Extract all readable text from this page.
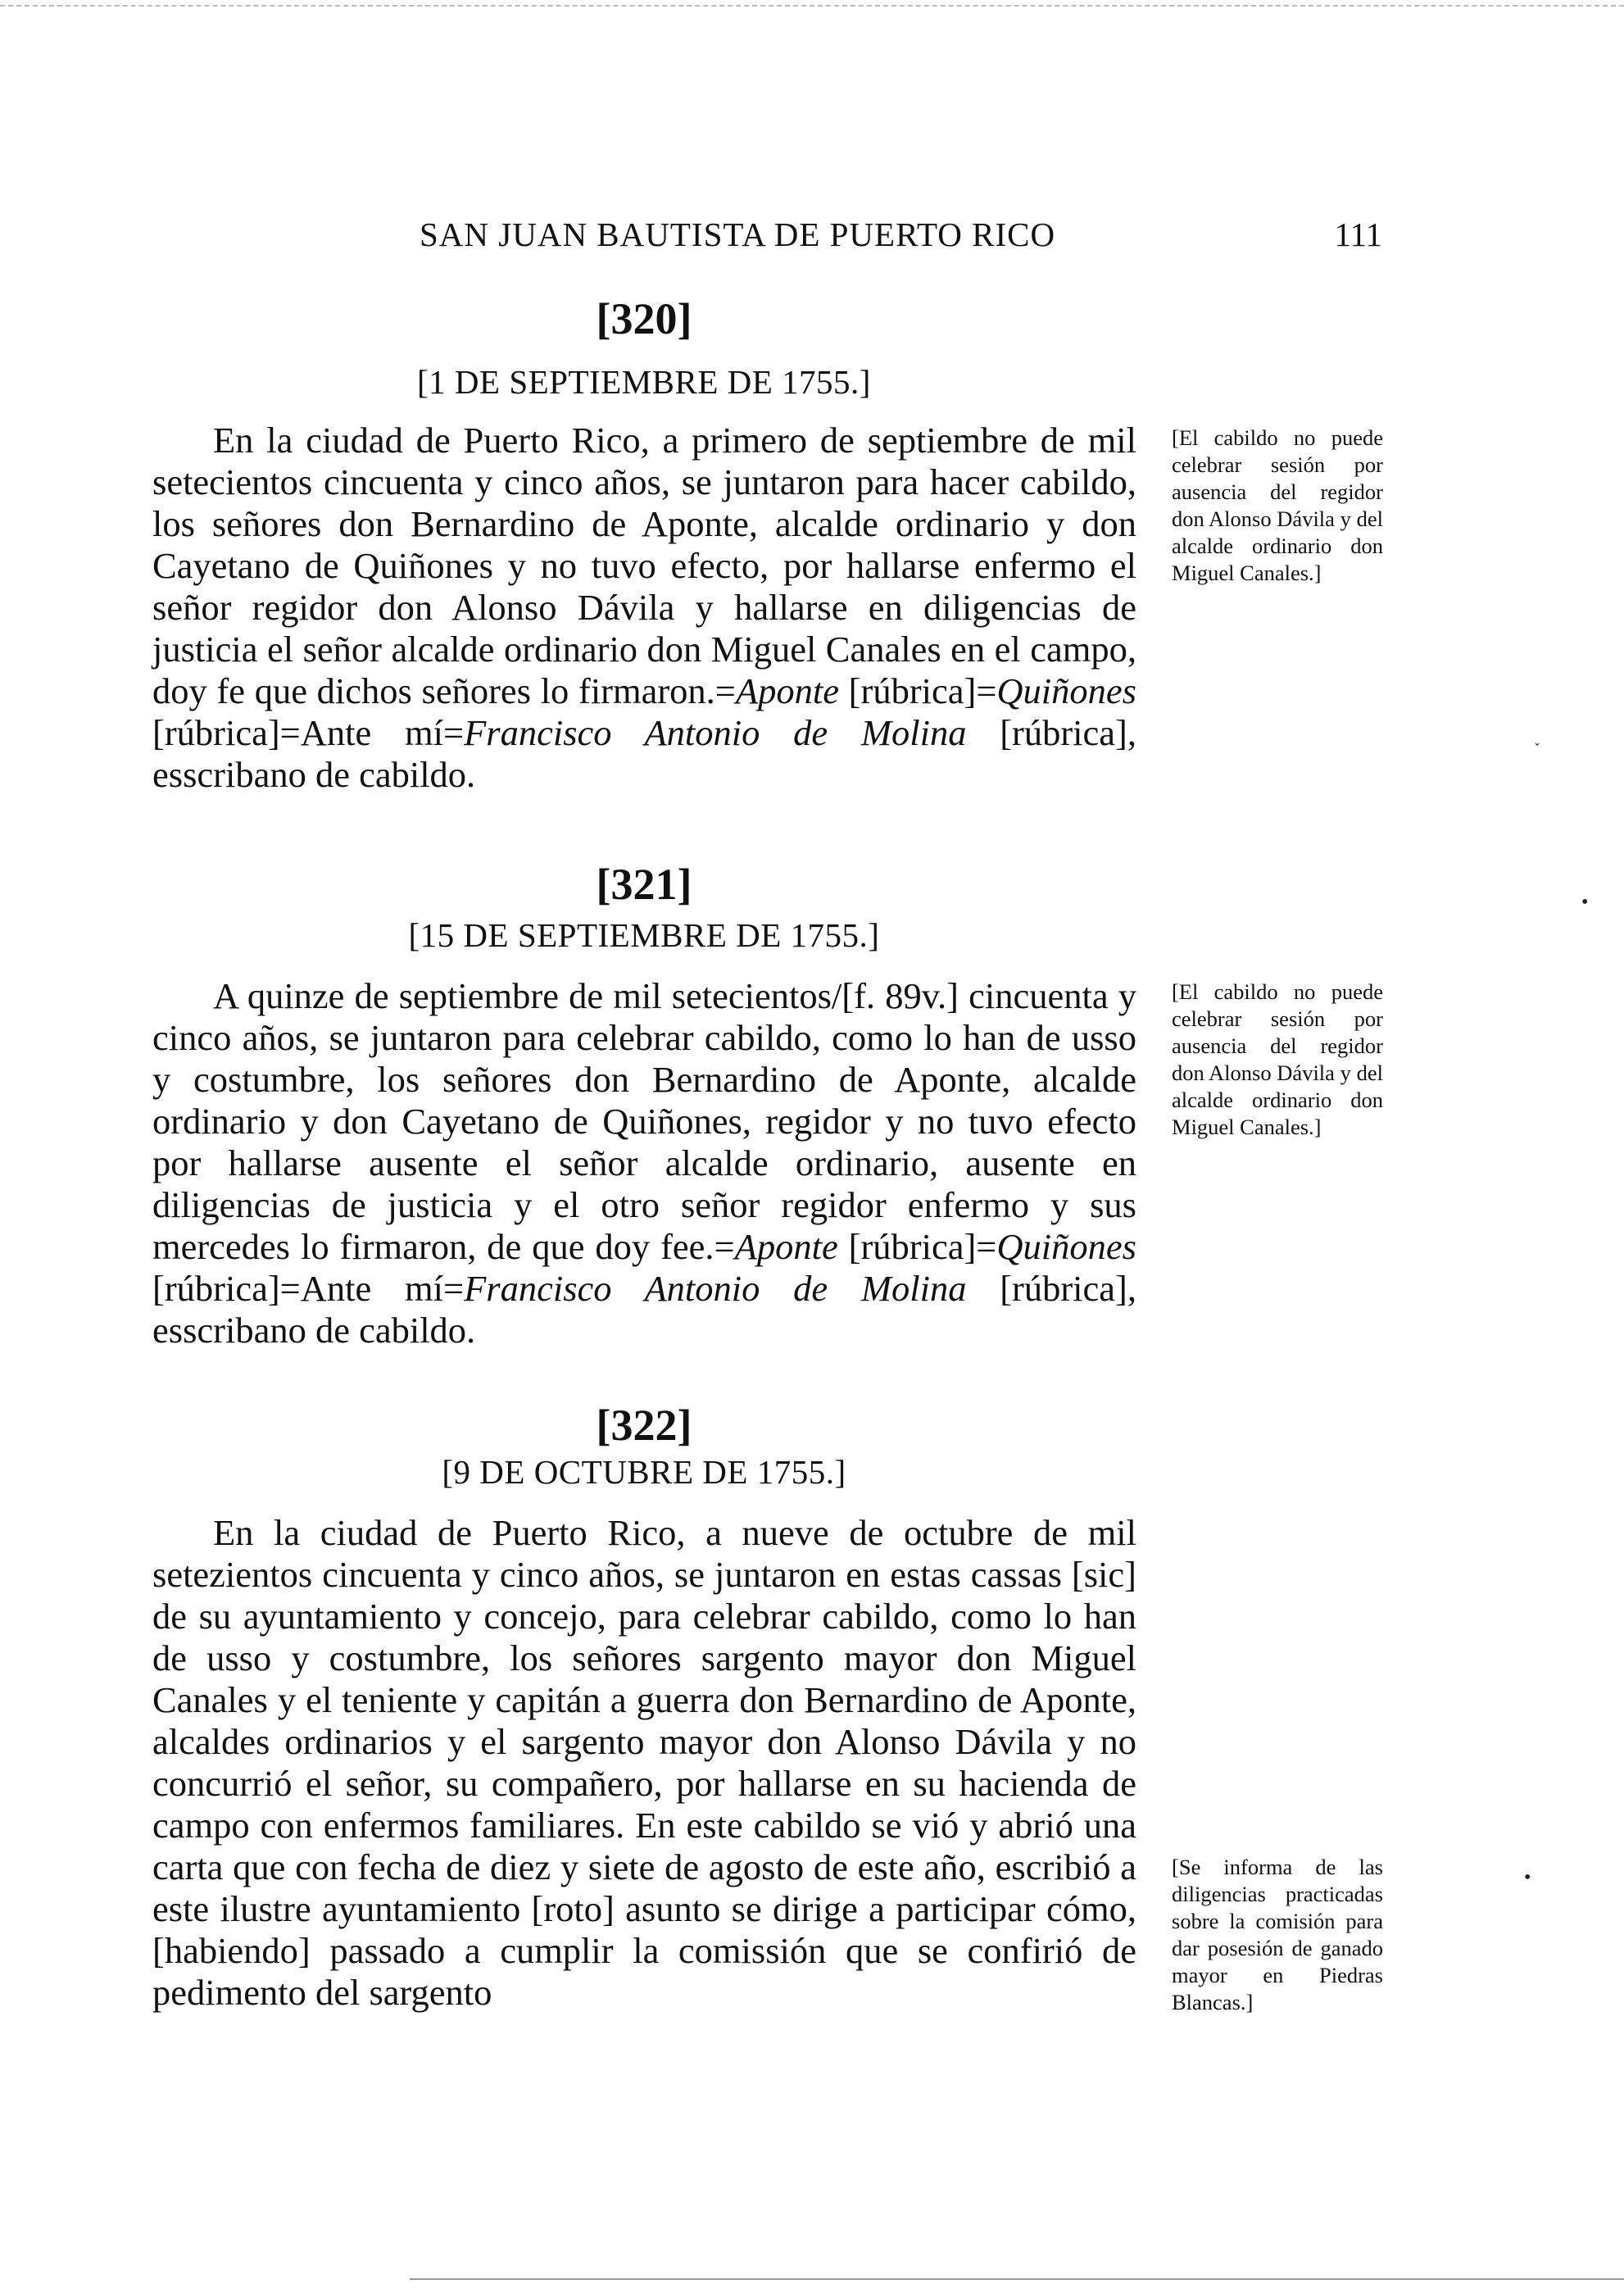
SAN JUAN BAUTISTA DE PUERTO RICO	111
[320]
[1 DE SEPTIEMBRE DE 1755.]

En la ciudad de Puerto Rico, a primero de septiembre de mil setecientos cincuenta y cinco años, se juntaron para hacer cabildo, los señores don Bernardino de Aponte, alcalde ordinario y don Cayetano de Quiñones y no tuvo efecto, por hallarse enfermo el señor regidor don Alonso Dávila y hallarse en diligencias de justicia el señor alcalde ordinario don Miguel Canales en el campo, doy fe que dichos señores lo firmaron.=Aponte [rúbrica]=Quiñones [rúbrica]=Ante mí=Francisco Antonio de Molina [rúbrica], esscribano de cabildo.

[El cabildo no puede celebrar sesión por ausencia del regidor don Alonso Dávila y del alcalde ordinario don Miguel Canales.]
[321]
[15 DE SEPTIEMBRE DE 1755.]

A quinze de septiembre de mil setecientos/[f. 89v.] cincuenta y cinco años, se juntaron para celebrar cabildo, como lo han de usso y costumbre, los señores don Bernardino de Aponte, alcalde ordinario y don Cayetano de Quiñones, regidor y no tuvo efecto por hallarse ausente el señor alcalde ordinario, ausente en diligencias de justicia y el otro señor regidor enfermo y sus mercedes lo firmaron, de que doy fee.=Aponte [rúbrica]=Quiñones [rúbrica]=Ante mí=Francisco Antonio de Molina [rúbrica], esscribano de cabildo.

[El cabildo no puede celebrar sesión por ausencia del regidor don Alonso Dávila y del alcalde ordinario don Miguel Canales.]
[322]
[9 DE OCTUBRE DE 1755.]

En la ciudad de Puerto Rico, a nueve de octubre de mil setezientos cincuenta y cinco años, se juntaron en estas cassas [sic] de su ayuntamiento y concejo, para celebrar cabildo, como lo han de usso y costumbre, los señores sargento mayor don Miguel Canales y el teniente y capitán a guerra don Bernardino de Aponte, alcaldes ordinarios y el sargento mayor don Alonso Dávila y no concurrió el señor, su compañero, por hallarse en su hacienda de campo con enfermos familiares. En este cabildo se vió y abrió una carta que con fecha de diez y siete de agosto de este año, escribió a este ilustre ayuntamiento [roto] asunto se dirige a participar cómo, [habiendo] passado a cumplir la comissión que se confirió de pedimento del sargento

[Se informa de las diligencias practicadas sobre la comisión para dar posesión de ganado mayor en Piedras Blancas.]
˯
•
•
